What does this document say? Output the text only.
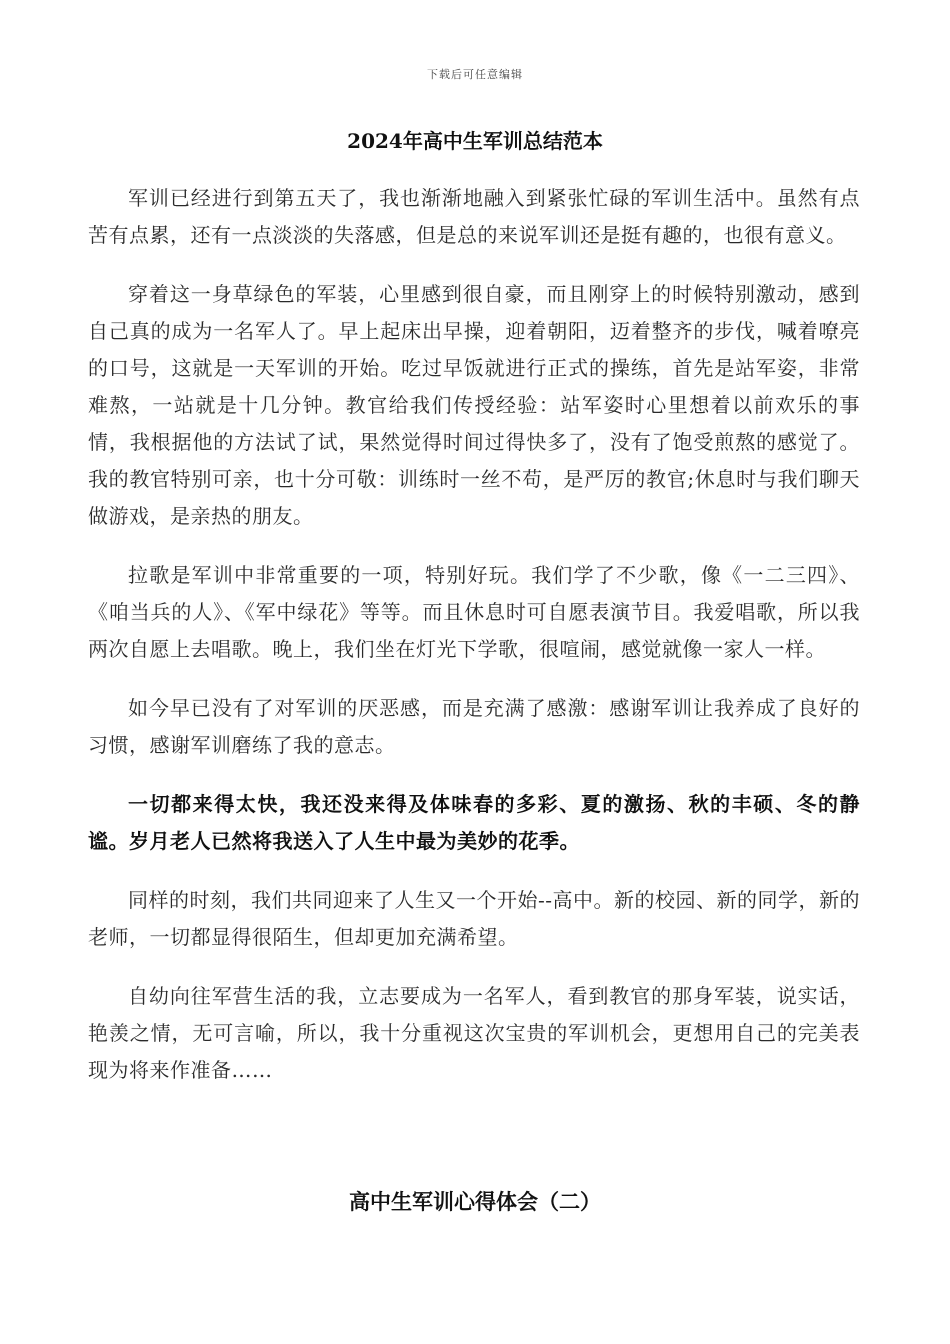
下载后可任意编辑
2024年高中生军训总结范本

军训已经进行到第五天了，我也渐渐地融入到紧张忙碌的军训生活中。虽然有点苦有点累，还有一点淡淡的失落感，但是总的来说军训还是挺有趣的，也很有意义。

穿着这一身草绿色的军装，心里感到很自豪，而且刚穿上的时候特别激动，感到自己真的成为一名军人了。早上起床出早操，迎着朝阳，迈着整齐的步伐，喊着嘹亮的口号，这就是一天军训的开始。吃过早饭就进行正式的操练，首先是站军姿，非常难熬，一站就是十几分钟。教官给我们传授经验：站军姿时心里想着以前欢乐的事情，我根据他的方法试了试，果然觉得时间过得快多了，没有了饱受煎熬的感觉了。我的教官特别可亲，也十分可敬：训练时一丝不苟，是严厉的教官;休息时与我们聊天做游戏，是亲热的朋友。

拉歌是军训中非常重要的一项，特别好玩。我们学了不少歌，像《一二三四》、《咱当兵的人》、《军中绿花》等等。而且休息时可自愿表演节目。我爱唱歌，所以我两次自愿上去唱歌。晚上，我们坐在灯光下学歌，很喧闹，感觉就像一家人一样。

如今早已没有了对军训的厌恶感，而是充满了感激：感谢军训让我养成了良好的习惯，感谢军训磨练了我的意志。

一切都来得太快，我还没来得及体味春的多彩、夏的激扬、秋的丰硕、冬的静谧。岁月老人已然将我送入了人生中最为美妙的花季。

同样的时刻，我们共同迎来了人生又一个开始--高中。新的校园、新的同学，新的老师，一切都显得很陌生，但却更加充满希望。

自幼向往军营生活的我，立志要成为一名军人，看到教官的那身军装，说实话，艳羡之情，无可言喻，所以，我十分重视这次宝贵的军训机会，更想用自己的完美表现为将来作准备……

高中生军训心得体会（二）
